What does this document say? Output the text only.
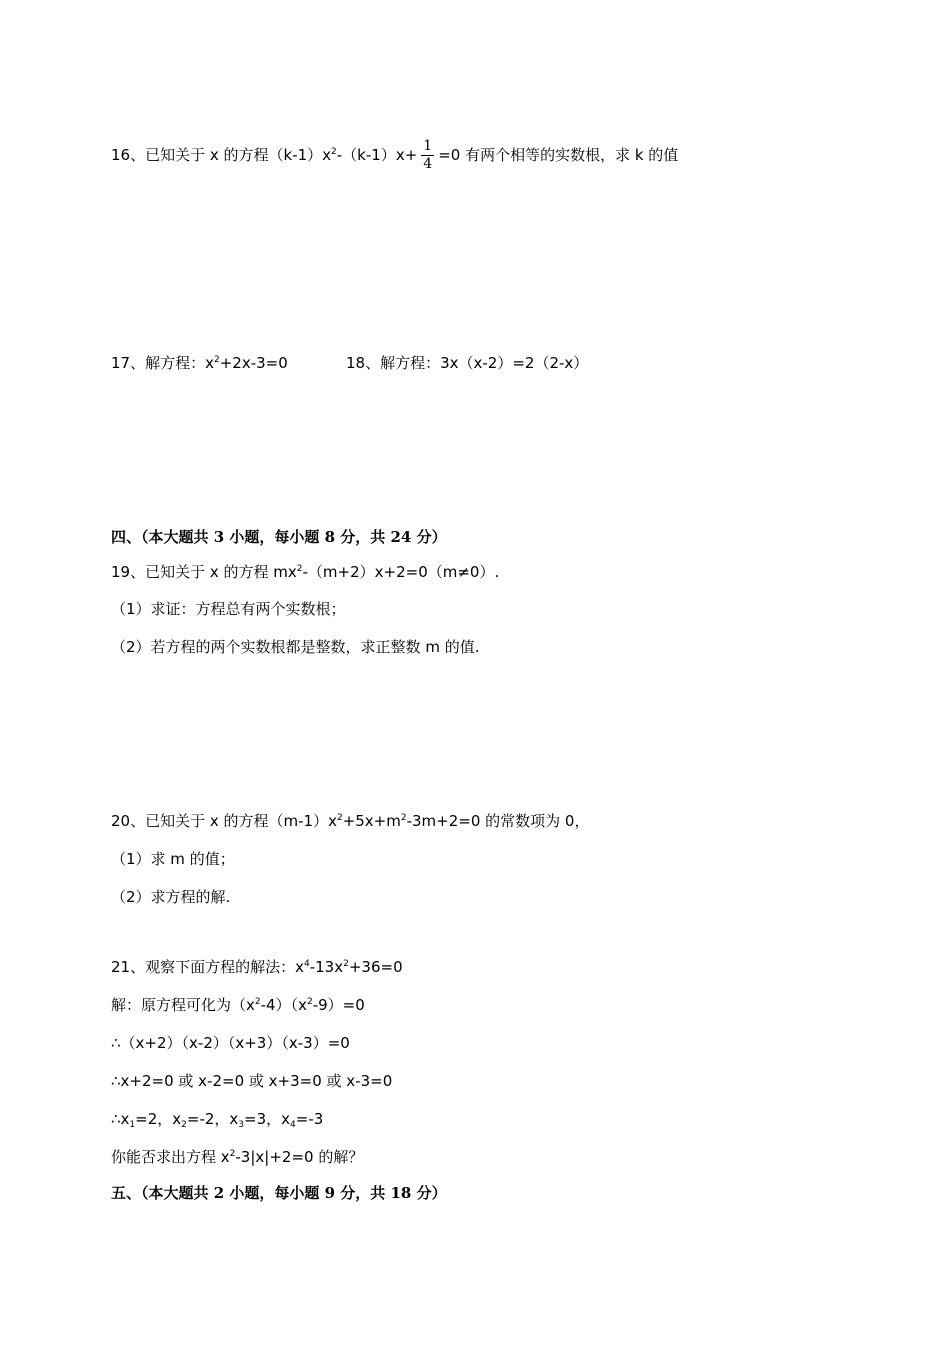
16、已知关于 x 的方程$(k-1)x^2-(k-1)x+ \frac{1}{4} =0$ 有两个相等的实数根，求 k 的值
17、解方程：$x^2+2x-3=0$	18、解方程：3x（x-2）=2（2-x）
四、（本大题共 3 小题，每小题 8 分，共 24 分）
19、已知关于 x 的方程 $mx^2-(m+2)x+2=0(m\ne 0)$.
（1）求证：方程总有两个实数根；
（2）若方程的两个实数根都是整数，求正整数 m 的值.
20、已知关于 x 的方程$(m-1)x^2+5x+m^2-3m+2=0$ 的常数项为 0，
（1）求 m 的值；
（2）求方程的解.
21、观察下面方程的解法：$x^4-13x^2+36=0$
解：原方程可化为$(x^2-4)(x^2-9)=0$
∴（x+2）（x-2）（x+3）（x-3）=0
∴x+2=0 或 x-2=0 或 x+3=0 或 x-3=0
$\therefore x_1=2$，$x_2=-2$，$x_3=3$，$x_4=-3$
你能否求出方程 $x^2-3|x|+2=0$ 的解？
五、（本大题共 2 小题，每小题 9 分，共 18 分）
